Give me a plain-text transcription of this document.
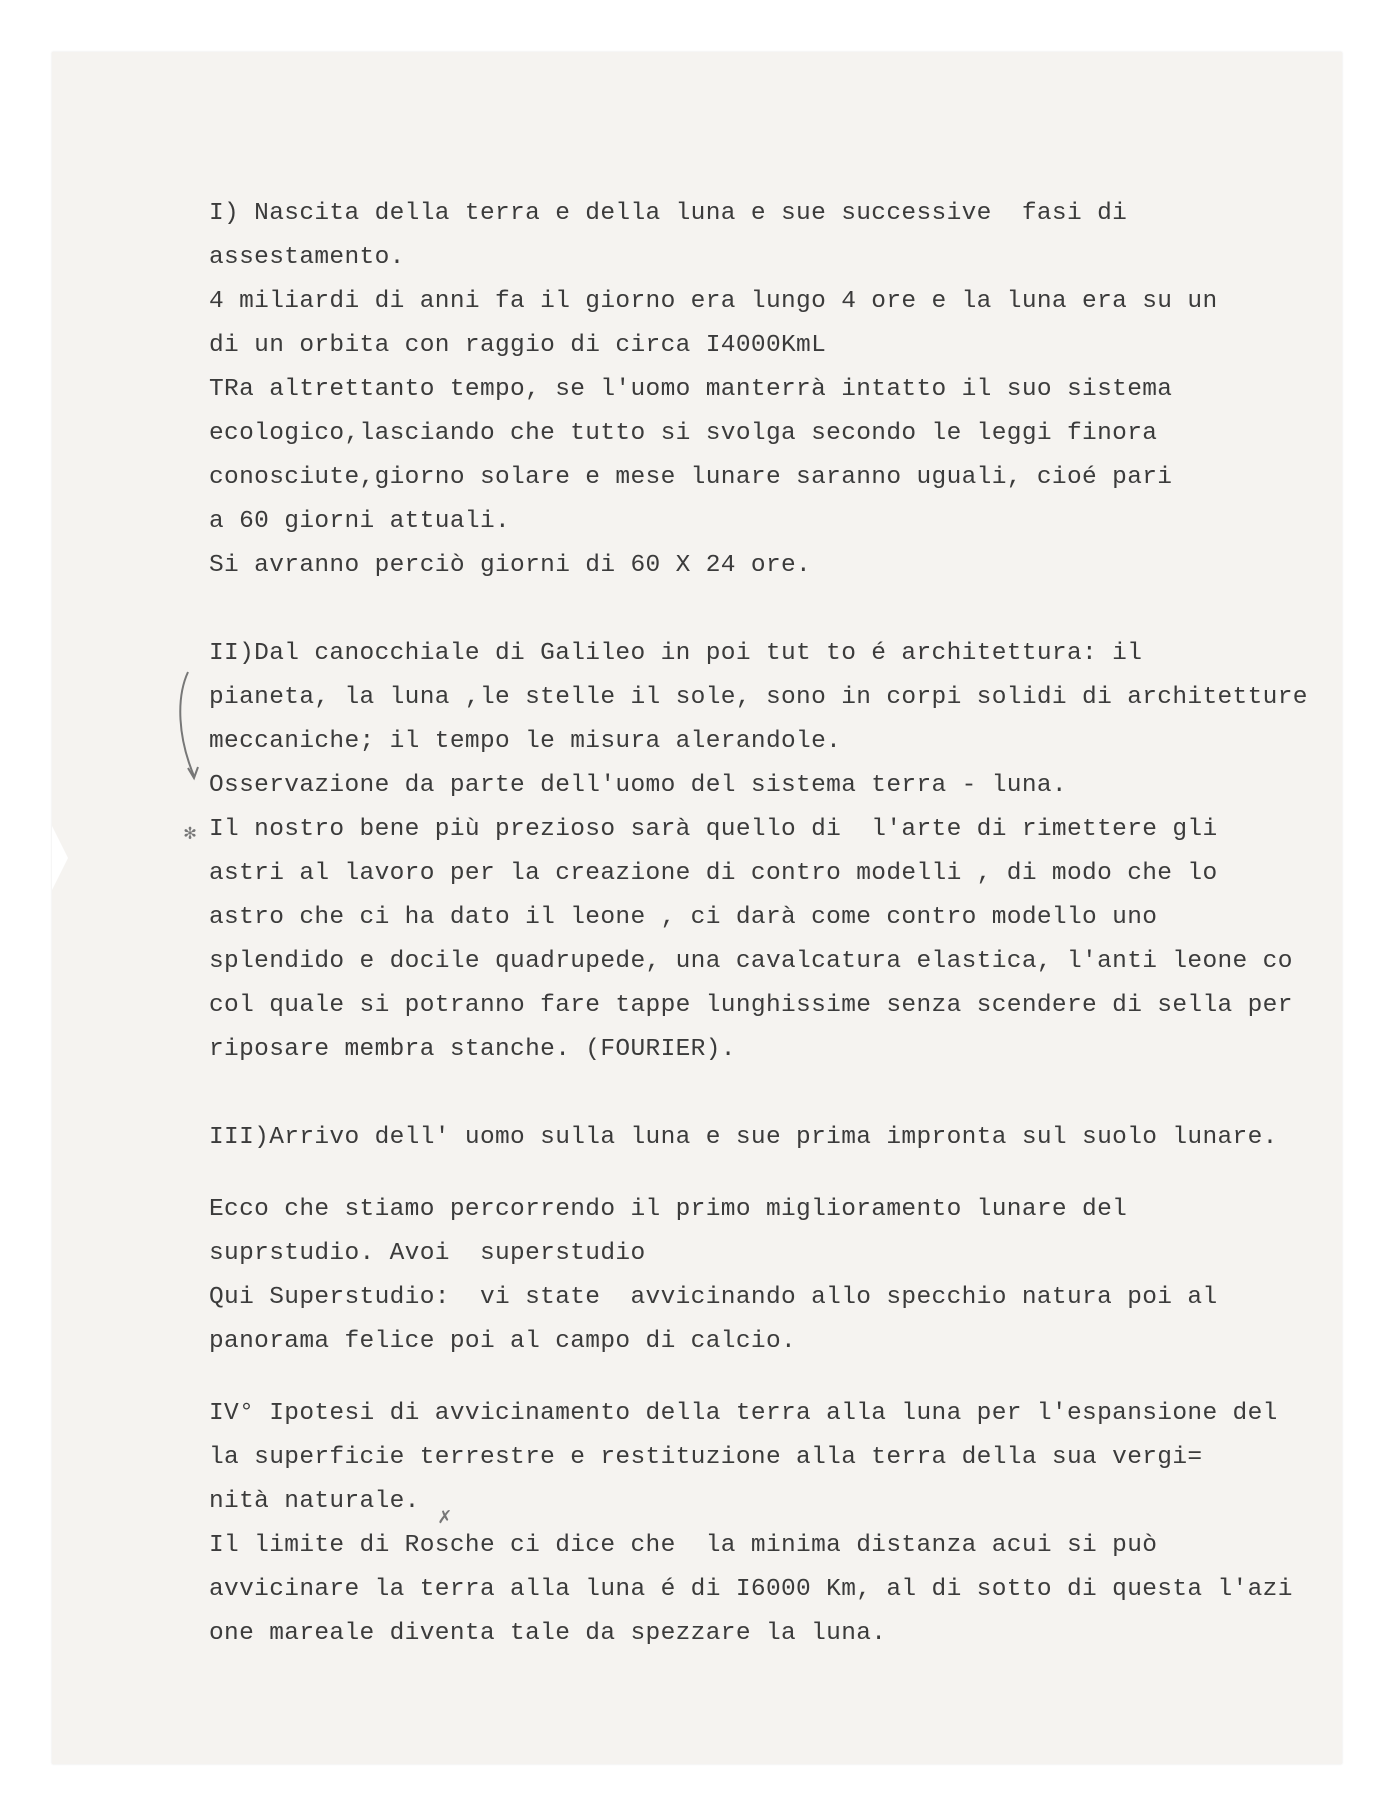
I) Nascita della terra e della luna e sue successive  fasi di
assestamento.
4 miliardi di anni fa il giorno era lungo 4 ore e la luna era su un
di un orbita con raggio di circa I4000KmL
TRa altrettanto tempo, se l'uomo manterrà intatto il suo sistema
ecologico,lasciando che tutto si svolga secondo le leggi finora
conosciute,giorno solare e mese lunare saranno uguali, cioé pari
a 60 giorni attuali.
Si avranno perciò giorni di 60 X 24 ore.
II)Dal canocchiale di Galileo in poi tut to é architettura: il
pianeta, la luna ,le stelle il sole, sono in corpi solidi di architetture
meccaniche; il tempo le misura alerandole.
Osservazione da parte dell'uomo del sistema terra - luna.
Il nostro bene più prezioso sarà quello di  l'arte di rimettere gli
astri al lavoro per la creazione di contro modelli , di modo che lo
astro che ci ha dato il leone , ci darà come contro modello uno
splendido e docile quadrupede, una cavalcatura elastica, l'anti leone co
col quale si potranno fare tappe lunghissime senza scendere di sella per
riposare membra stanche. (FOURIER).
III)Arrivo dell' uomo sulla luna e sue prima impronta sul suolo lunare.
Ecco che stiamo percorrendo il primo miglioramento lunare del
suprstudio. Avoi  superstudio
Qui Superstudio:  vi state  avvicinando allo specchio natura poi al
panorama felice poi al campo di calcio.
IV° Ipotesi di avvicinamento della terra alla luna per l'espansione del
la superficie terrestre e restituzione alla terra della sua vergi=
nità naturale.
Il limite di Rosche ci dice che  la minima distanza acui si può
avvicinare la terra alla luna é di I6000 Km, al di sotto di questa l'azi
one mareale diventa tale da spezzare la luna.
✻
✗
